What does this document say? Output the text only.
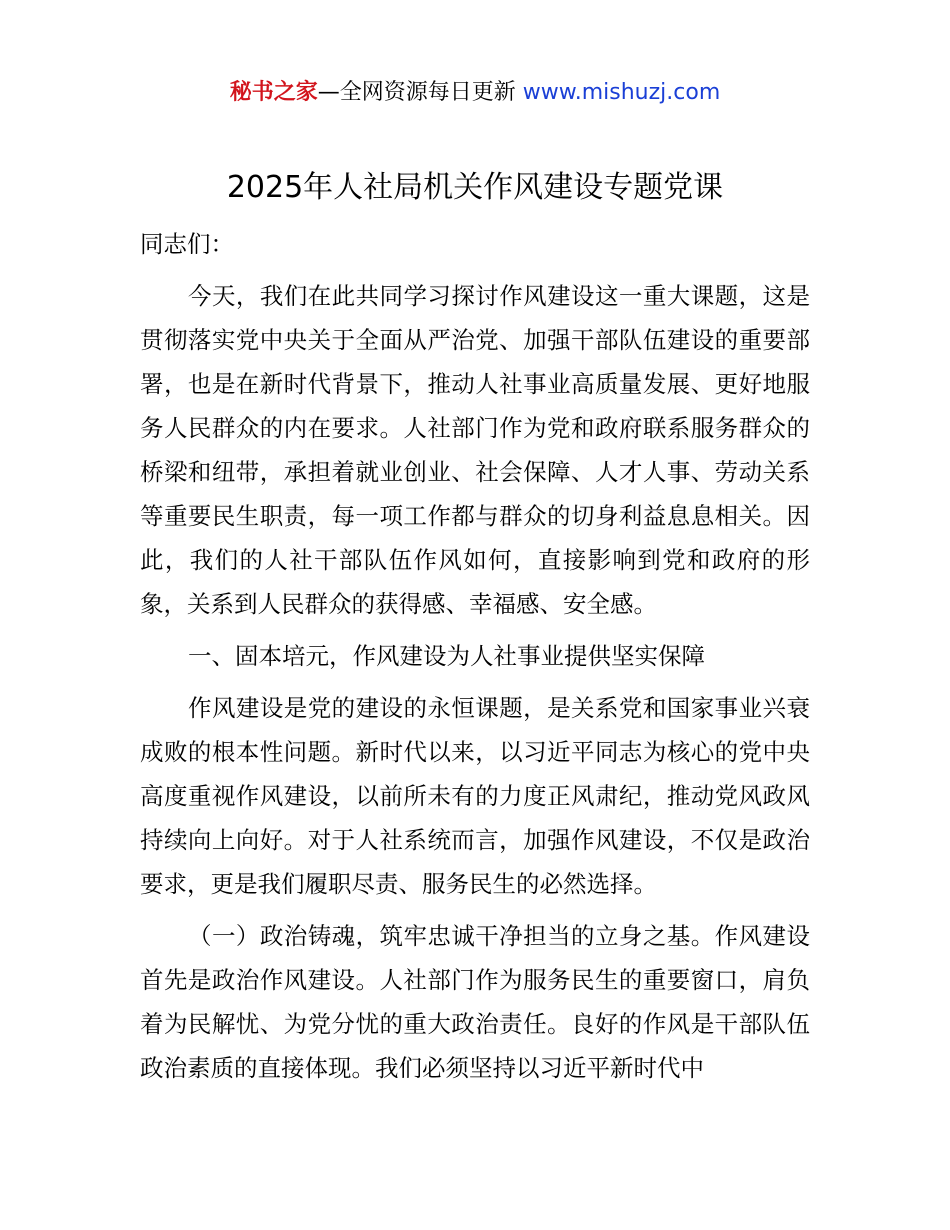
秘书之家—全网资源每日更新 www.mishuzj.com
2025年人社局机关作风建设专题党课

同志们：

今天，我们在此共同学习探讨作风建设这一重大课题，这是贯彻落实党中央关于全面从严治党、加强干部队伍建设的重要部署，也是在新时代背景下，推动人社事业高质量发展、更好地服务人民群众的内在要求。人社部门作为党和政府联系服务群众的桥梁和纽带，承担着就业创业、社会保障、人才人事、劳动关系等重要民生职责，每一项工作都与群众的切身利益息息相关。因此，我们的人社干部队伍作风如何，直接影响到党和政府的形象，关系到人民群众的获得感、幸福感、安全感。

一、固本培元，作风建设为人社事业提供坚实保障

作风建设是党的建设的永恒课题，是关系党和国家事业兴衰成败的根本性问题。新时代以来，以习近平同志为核心的党中央高度重视作风建设，以前所未有的力度正风肃纪，推动党风政风持续向上向好。对于人社系统而言，加强作风建设，不仅是政治要求，更是我们履职尽责、服务民生的必然选择。

（一）政治铸魂，筑牢忠诚干净担当的立身之基。作风建设首先是政治作风建设。人社部门作为服务民生的重要窗口，肩负着为民解忧、为党分忧的重大政治责任。良好的作风是干部队伍政治素质的直接体现。我们必须坚持以习近平新时代中
